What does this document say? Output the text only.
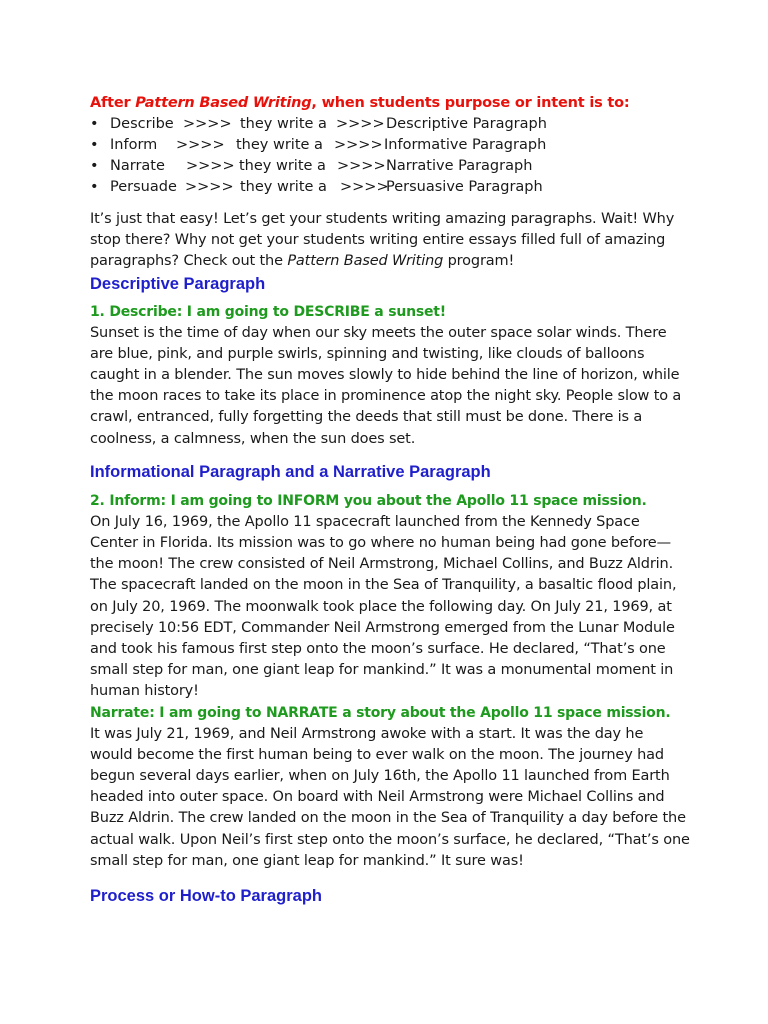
After Pattern Based Writing, when students purpose or intent is to:

• Describe >>>> they write a >>>> Descriptive Paragraph
• Inform >>>> they write a >>>> Informative Paragraph
• Narrate >>>> they write a >>>> Narrative Paragraph
• Persuade >>>> they write a >>>>
Persuasive Paragraph

It’s just that easy! Let’s get your students writing amazing paragraphs. Wait! Why stop there? Why not get your students writing entire essays filled full of amazing paragraphs? Check out the Pattern Based Writing program!

Descriptive Paragraph

1. Describe: I am going to DESCRIBE a sunset!

Sunset is the time of day when our sky meets the outer space solar winds. There are blue, pink, and purple swirls, spinning and twisting, like clouds of balloons caught in a blender. The sun moves slowly to hide behind the line of horizon, while the moon races to take its place in prominence atop the night sky. People slow to a crawl, entranced, fully forgetting the deeds that still must be done. There is a coolness, a calmness, when the sun does set.

Informational Paragraph and a Narrative Paragraph

2. Inform: I am going to INFORM you about the Apollo 11 space mission.

On July 16, 1969, the Apollo 11 spacecraft launched from the Kennedy Space Center in Florida. Its mission was to go where no human being had gone before—the moon! The crew consisted of Neil Armstrong, Michael Collins, and Buzz Aldrin. The spacecraft landed on the moon in the Sea of Tranquility, a basaltic flood plain, on July 20, 1969. The moonwalk took place the following day. On July 21, 1969, at precisely 10:56 EDT, Commander Neil Armstrong emerged from the Lunar Module and took his famous first step onto the moon’s surface. He declared, “That’s one small step for man, one giant leap for mankind.” It was a monumental moment in human history!

Narrate: I am going to NARRATE a story about the Apollo 11 space mission.

It was July 21, 1969, and Neil Armstrong awoke with a start. It was the day he would become the first human being to ever walk on the moon. The journey had begun several days earlier, when on July 16th, the Apollo 11 launched from Earth headed into outer space. On board with Neil Armstrong were Michael Collins and Buzz Aldrin. The crew landed on the moon in the Sea of Tranquility a day before the actual walk. Upon Neil’s first step onto the moon’s surface, he declared, “That’s one small step for man, one giant leap for mankind.” It sure was!

Process or How-to Paragraph
